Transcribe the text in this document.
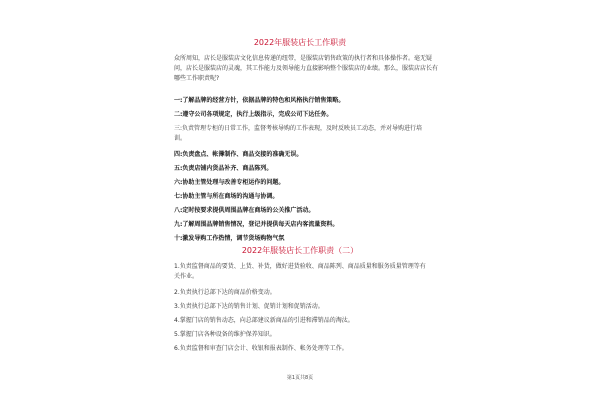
2022年服装店长工作职责
众所周知，店长是服装店文化信息传递的纽带，是服装店销售政策的执行者和具体操作者。毫无疑问，店长是服装店的灵魂，其工作能力及领导能力直接影响整个服装店的业绩。那么，服装店店长有哪些工作职责呢?
一:了解品牌的经营方针，依据品牌的特色和风格执行销售策略。
二:遵守公司各项规定，执行上级指示，完成公司下达任务。
三:负责管理专柜的日常工作，监督考核导购的工作表现，及时反映员工动态，并对导购进行培训。
四:负责盘点、帐簿制作、商品交接的准确无误。
五:负责店铺内货品补齐、商品陈列。
六:协助主管处理与改善专柜运作的问题。
七:协助主管与所在商场的沟通与协调。
八:定时按要求提供周围品牌在商场的公关推广活动。
九:了解周围品牌销售情况，登记并提供每天店内客流量资料。
十:激发导购工作热情，调节货场购物气氛
2022年服装店长工作职责（二）
1.负责监督商品的要货、上货、补货，做好进货验收、商品陈列、商品质量和服务质量管理等有关作业。
2.负责执行总部下达的商品价格变动。
3.负责执行总部下达的销售计划、促销计划和促销活动。
4.掌握门店的销售动态，向总部建议新商品的引进和滞销品的淘汰。
5.掌握门店各种设备的维护保养知识。
6.负责监督和审查门店会计、收银和报表制作、帐务处理等工作。
第1页共8页
